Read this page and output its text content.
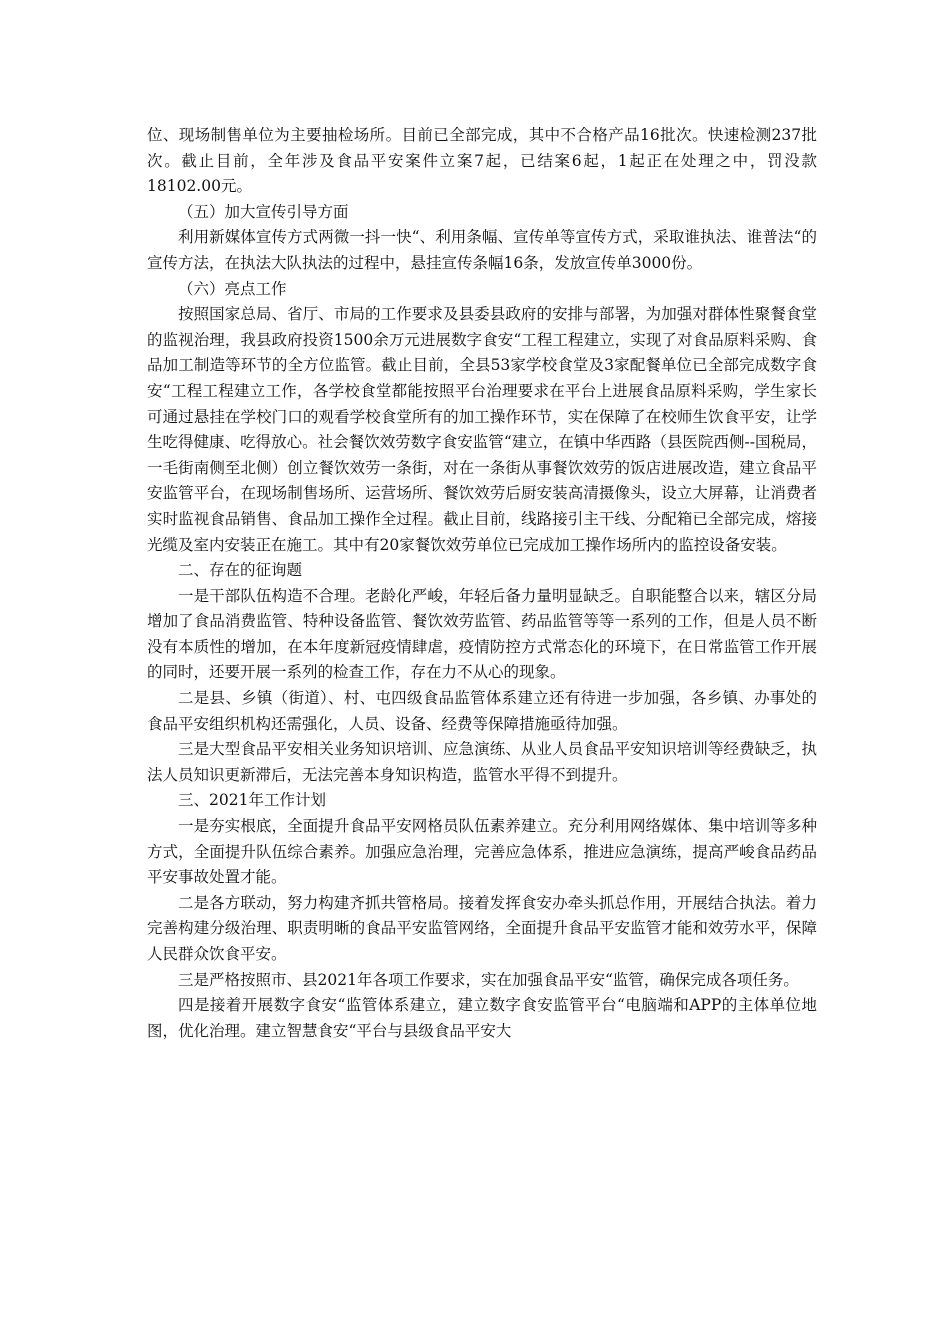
位、现场制售单位为主要抽检场所。目前已全部完成，其中不合格产品16批次。快速检测237批次。截止目前，全年涉及食品平安案件立案7起，已结案6起，1起正在处理之中，罚没款18102.00元。

（五）加大宣传引导方面

利用新媒体宣传方式两微一抖一快“、利用条幅、宣传单等宣传方式，采取谁执法、谁普法“的宣传方法，在执法大队执法的过程中，悬挂宣传条幅16条，发放宣传单3000份。

（六）亮点工作

按照国家总局、省厅、市局的工作要求及县委县政府的安排与部署，为加强对群体性聚餐食堂的监视治理，我县政府投资1500余万元进展数字食安“工程工程建立，实现了对食品原料采购、食品加工制造等环节的全方位监管。截止目前，全县53家学校食堂及3家配餐单位已全部完成数字食安“工程工程建立工作，各学校食堂都能按照平台治理要求在平台上进展食品原料采购，学生家长可通过悬挂在学校门口的观看学校食堂所有的加工操作环节，实在保障了在校师生饮食平安，让学生吃得健康、吃得放心。社会餐饮效劳数字食安监管“建立，在镇中华西路（县医院西侧--国税局，一毛街南侧至北侧）创立餐饮效劳一条街，对在一条街从事餐饮效劳的饭店进展改造，建立食品平安监管平台，在现场制售场所、运营场所、餐饮效劳后厨安装高清摄像头，设立大屏幕，让消费者实时监视食品销售、食品加工操作全过程。截止目前，线路接引主干线、分配箱已全部完成，熔接光缆及室内安装正在施工。其中有20家餐饮效劳单位已完成加工操作场所内的监控设备安装。

二、存在的征询题

一是干部队伍构造不合理。老龄化严峻，年轻后备力量明显缺乏。自职能整合以来，辖区分局增加了食品消费监管、特种设备监管、餐饮效劳监管、药品监管等等一系列的工作，但是人员不断没有本质性的增加，在本年度新冠疫情肆虐，疫情防控方式常态化的环境下，在日常监管工作开展的同时，还要开展一系列的检查工作，存在力不从心的现象。

二是县、乡镇（街道）、村、屯四级食品监管体系建立还有待进一步加强，各乡镇、办事处的食品平安组织机构还需强化，人员、设备、经费等保障措施亟待加强。

三是大型食品平安相关业务知识培训、应急演练、从业人员食品平安知识培训等经费缺乏，执法人员知识更新滞后，无法完善本身知识构造，监管水平得不到提升。

三、2021年工作计划

一是夯实根底，全面提升食品平安网格员队伍素养建立。充分利用网络媒体、集中培训等多种方式，全面提升队伍综合素养。加强应急治理，完善应急体系，推进应急演练，提高严峻食品药品平安事故处置才能。

二是各方联动，努力构建齐抓共管格局。接着发挥食安办牵头抓总作用，开展结合执法。着力完善构建分级治理、职责明晰的食品平安监管网络，全面提升食品平安监管才能和效劳水平，保障人民群众饮食平安。

三是严格按照市、县2021年各项工作要求，实在加强食品平安“监管，确保完成各项任务。

四是接着开展数字食安“监管体系建立，建立数字食安监管平台“电脑端和APP的主体单位地图，优化治理。建立智慧食安“平台与县级食品平安大
